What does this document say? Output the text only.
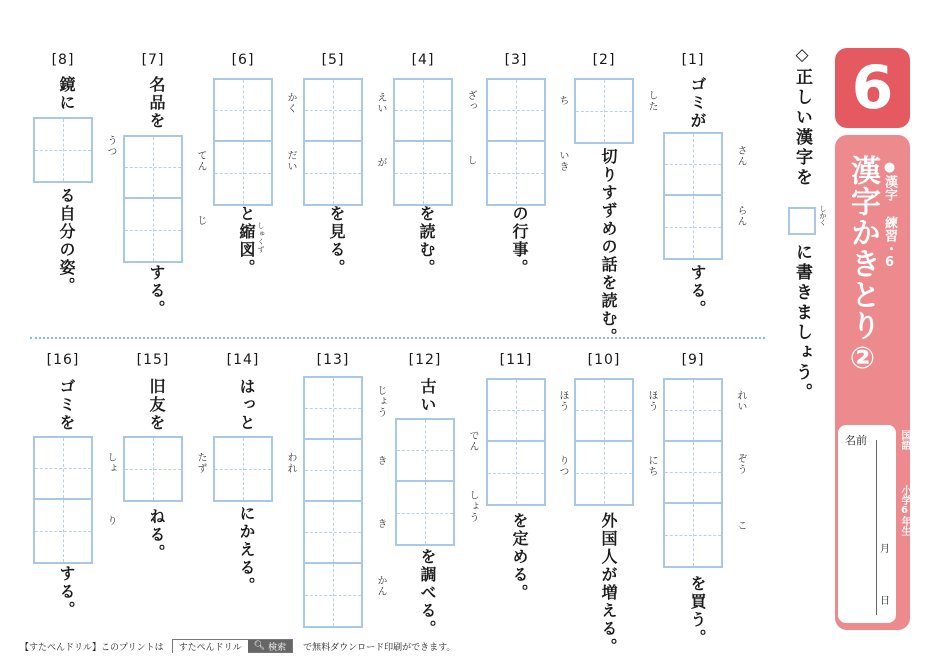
◇正しい漢字を
しかく
に書きましょう。
6
●漢字 練習・6
漢字かきとり②
名前
月
日
国語
小学6年生
[1]
ゴミが
さん
らん
する。
[2]
した
切りすずめの話を読む。
[3]
ち
いき
の行事。
[4]
ざっ
し
を読む。
[5]
えい
が
を見る。
[6]
かく
だい
と縮図。 しゅくず
[7]
名品を
てん
じ
する。
[8]
鏡に
うつ
る自分の姿。
[9]
れい
ぞう
こ
を買う。
[10]
ほう
にち
外国人が増える。
[11]
ほう
りつ
を定める。
[12]
古い
でん
しょう
を調べる。
[13]
じょう
き
き
かん
[14]
はっと
われ
にかえる。
[15]
旧友を
たず
ねる。
[16]
ゴミを
しょ
り
する。
【すたぺんドリル】このプリントは	すたぺんドリル	🔍︎ 検索 で無料ダウンロード印刷ができます。
